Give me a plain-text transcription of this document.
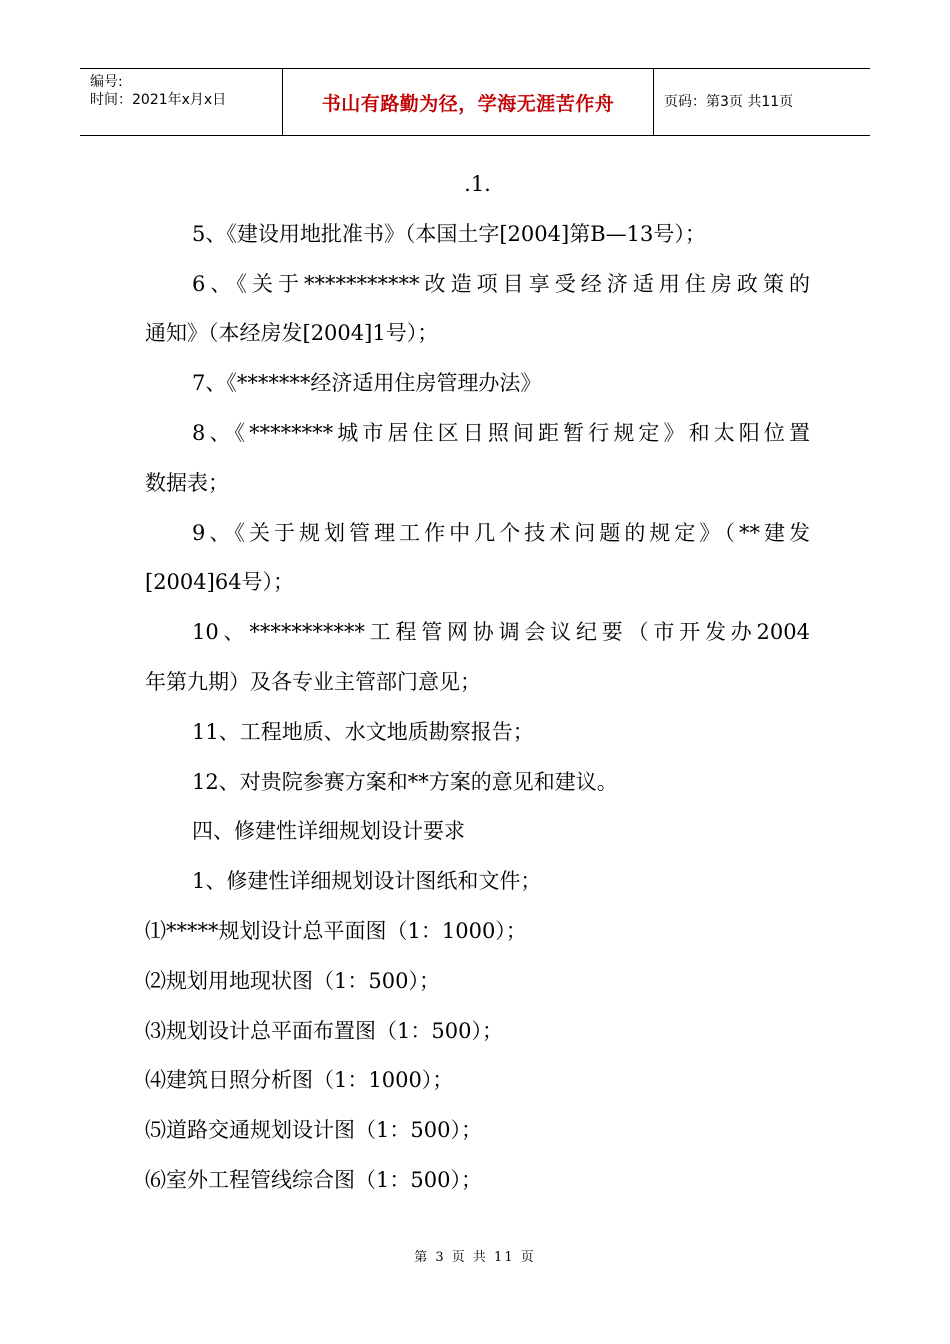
编号:
时间：2021年x月x日	书山有路勤为径，学海无涯苦作舟	页码：第3页 共11页
.1.
5、《建设用地批准书》（本国土字[2004]第B—13号）；
6、《关于***********改造项目享受经济适用住房政策的
通知》（本经房发[2004]1号）；
7、《*******经济适用住房管理办法》
8、《********城市居住区日照间距暂行规定》和太阳位置
数据表；
9、《关于规划管理工作中几个技术问题的规定》（**建发
[2004]64号）；
10、***********工程管网协调会议纪要（市开发办2004
年第九期）及各专业主管部门意见；
11、工程地质、水文地质勘察报告；
12、对贵院参赛方案和**方案的意见和建议。
四、修建性详细规划设计要求
1、修建性详细规划设计图纸和文件；
⑴*****规划设计总平面图（1：1000）；
⑵规划用地现状图（1：500）；
⑶规划设计总平面布置图（1：500）；
⑷建筑日照分析图（1：1000）；
⑸道路交通规划设计图（1：500）；
⑹室外工程管线综合图（1：500）；
第 3 页 共 11 页
